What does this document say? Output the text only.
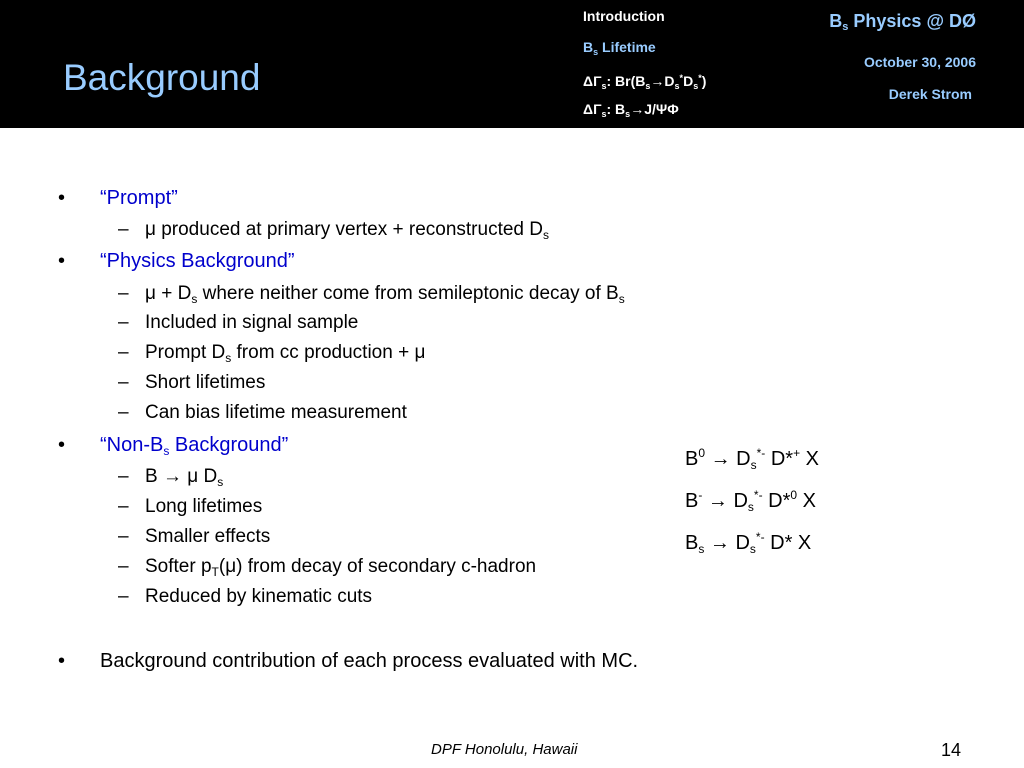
Background
Introduction
$B_s$ Lifetime
$\Delta\Gamma_s$: $Br(B_s\to D_s^*D_s^*)$
$\Delta\Gamma_s$: $B_s\to J/\Psi\Phi$
$B_s$ Physics @ DØ
October 30, 2006
Derek Strom
• “Prompt”
– μ produced at primary vertex + reconstructed $D_s$
• “Physics Background”
– $\mu + D_s$ where neither come from semileptonic decay of $B_s$
– Included in signal sample
– Prompt $D_s$ from cc production + μ
– Short lifetimes
– Can bias lifetime measurement
• “$Non-B_s$ Background”
– B → μ $D_s$
– Long lifetimes
– Smaller effects
– Softer $p_T(\mu)$ from decay of secondary c-hadron
– Reduced by kinematic cuts
• Background contribution of each process evaluated with MC.
$B^0 \to D_s^{*-}$ D*+ X
$B^- \to D_s^{*-}$ D*$^0$ X
$B_s \to D_s^{*-}$ D* X
DPF Honolulu, Hawaii	14
